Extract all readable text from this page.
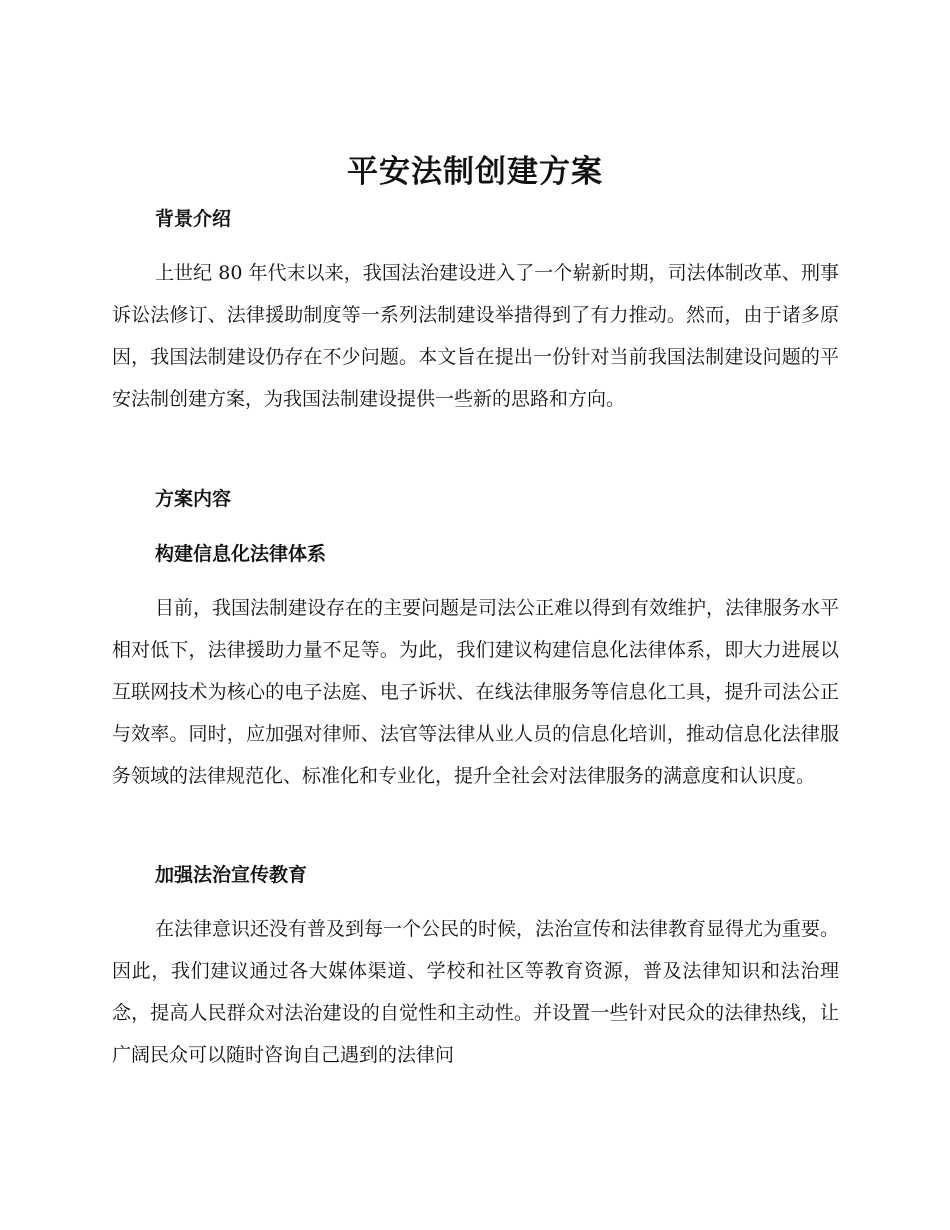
平安法制创建方案
背景介绍

上世纪 80 年代末以来，我国法治建设进入了一个崭新时期，司法体制改革、刑事诉讼法修订、法律援助制度等一系列法制建设举措得到了有力推动。然而，由于诸多原因，我国法制建设仍存在不少问题。本文旨在提出一份针对当前我国法制建设问题的平安法制创建方案，为我国法制建设提供一些新的思路和方向。

方案内容
构建信息化法律体系

目前，我国法制建设存在的主要问题是司法公正难以得到有效维护，法律服务水平相对低下，法律援助力量不足等。为此，我们建议构建信息化法律体系，即大力进展以互联网技术为核心的电子法庭、电子诉状、在线法律服务等信息化工具，提升司法公正与效率。同时，应加强对律师、法官等法律从业人员的信息化培训，推动信息化法律服务领域的法律规范化、标准化和专业化，提升全社会对法律服务的满意度和认识度。

加强法治宣传教育

在法律意识还没有普及到每一个公民的时候，法治宣传和法律教育显得尤为重要。因此，我们建议通过各大媒体渠道、学校和社区等教育资源，普及法律知识和法治理念，提高人民群众对法治建设的自觉性和主动性。并设置一些针对民众的法律热线，让广阔民众可以随时咨询自己遇到的法律问
